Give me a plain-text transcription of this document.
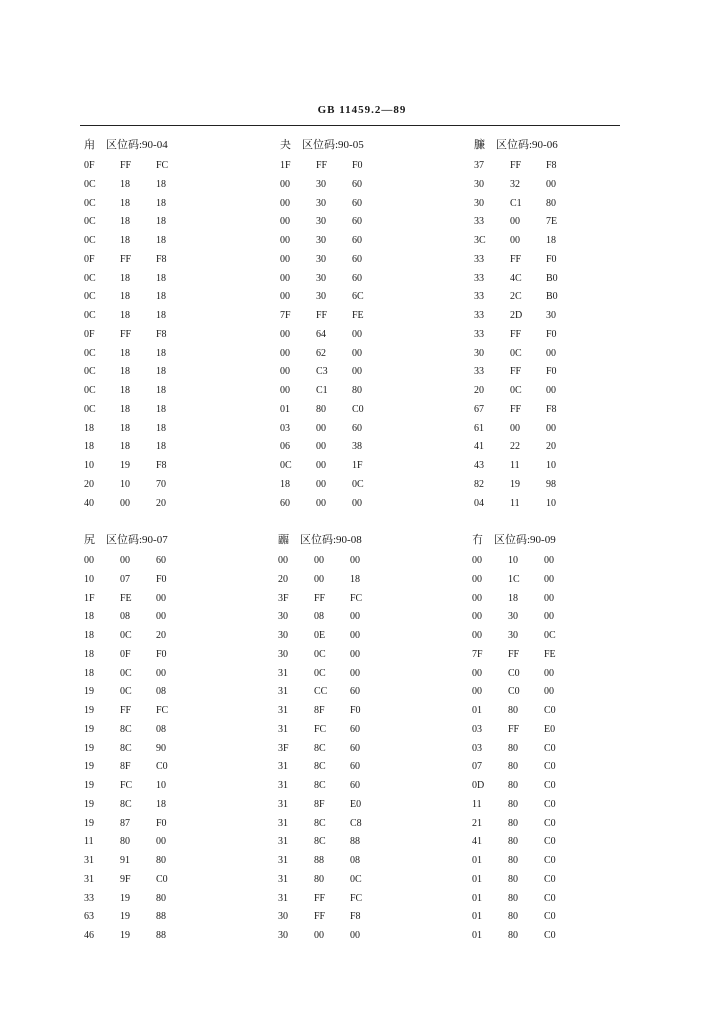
GB 11459.2—89
甪 区位码:90-04
0F	FF	FC
0C	18	18
0C	18	18
0C	18	18
0C	18	18
0F	FF	F8
0C	18	18
0C	18	18
0C	18	18
0F	FF	F8
0C	18	18
0C	18	18
0C	18	18
0C	18	18
18	18	18
18	18	18
10	19	F8
20	10	70
40	00	20
夬 区位码:90-05
1F	FF	F0
00	30	60
00	30	60
00	30	60
00	30	60
00	30	60
00	30	60
00	30	6C
7F	FF	FE
00	64	00
00	62	00
00	C3	00
00	C1	80
01	80	C0
03	00	60
06	00	38
0C	00	1F
18	00	0C
60	00	00
臁 区位码:90-06
37	FF	F8
30	32	00
30	C1	80
33	00	7E
3C	00	18
33	FF	F0
33	4C	B0
33	2C	B0
33	2D	30
33	FF	F0
30	0C	00
33	FF	F0
20	0C	00
67	FF	F8
61	00	00
41	22	20
43	11	10
82	19	98
04	11	10
尻 区位码:90-07
00	00	60
10	07	F0
1F	FE	00
18	08	00
18	0C	20
18	0F	F0
18	0C	00
19	0C	08
19	FF	FC
19	8C	08
19	8C	90
19	8F	C0
19	FC	10
19	8C	18
19	87	F0
11	80	00
31	91	80
31	9F	C0
33	19	80
63	19	88
46	19	88
疈 区位码:90-08
00	00	00
20	00	18
3F	FF	FC
30	08	00
30	0E	00
30	0C	00
31	0C	00
31	CC	60
31	8F	F0
31	FC	60
3F	8C	60
31	8C	60
31	8C	60
31	8F	E0
31	8C	C8
31	8C	88
31	88	08
31	80	0C
31	FF	FC
30	FF	F8
30	00	00
冇 区位码:90-09
00	10	00
00	1C	00
00	18	00
00	30	00
00	30	0C
7F	FF	FE
00	C0	00
00	C0	00
01	80	C0
03	FF	E0
03	80	C0
07	80	C0
0D	80	C0
11	80	C0
21	80	C0
41	80	C0
01	80	C0
01	80	C0
01	80	C0
01	80	C0
01	80	C0
